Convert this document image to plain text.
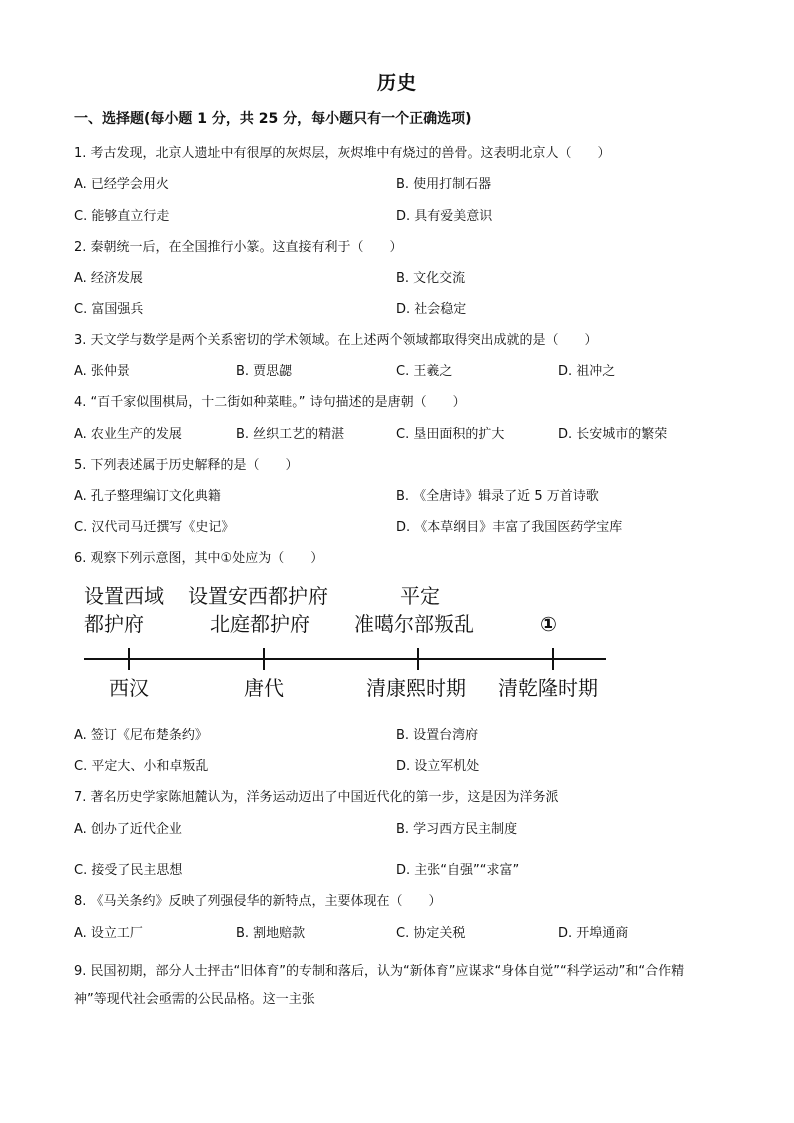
历史
一、选择题(每小题 1 分，共 25 分，每小题只有一个正确选项)
1. 考古发现，北京人遗址中有很厚的灰烬层，灰烬堆中有烧过的兽骨。这表明北京人（　　）
A. 已经学会用火	B. 使用打制石器
C. 能够直立行走	D. 具有爱美意识
2. 秦朝统一后，在全国推行小篆。这直接有利于（　　）
A. 经济发展	B. 文化交流
C. 富国强兵	D. 社会稳定
3. 天文学与数学是两个关系密切的学术领域。在上述两个领域都取得突出成就的是（　　）
A. 张仲景	B. 贾思勰	C. 王羲之	D. 祖冲之
4. “百千家似围棋局，十二街如种菜畦。” 诗句描述的是唐朝（　　）
A. 农业生产的发展	B. 丝织工艺的精湛	C. 垦田面积的扩大	D. 长安城市的繁荣
5. 下列表述属于历史解释的是（　　）
A. 孔子整理编订文化典籍	B. 《全唐诗》辑录了近 5 万首诗歌
C. 汉代司马迁撰写《史记》	D. 《本草纲目》丰富了我国医药学宝库
6. 观察下列示意图，其中①处应为（　　）
设置西域
都护府
西汉
设置安西都护府
北庭都护府
唐代
平定
准噶尔部叛乱
清康熙时期
①
清乾隆时期
A. 签订《尼布楚条约》	B. 设置台湾府
C. 平定大、小和卓叛乱	D. 设立军机处
7. 著名历史学家陈旭麓认为，洋务运动迈出了中国近代化的第一步，这是因为洋务派
A. 创办了近代企业	B. 学习西方民主制度
C. 接受了民主思想	D. 主张“自强”“求富”
8. 《马关条约》反映了列强侵华的新特点，主要体现在（　　）
A. 设立工厂	B. 割地赔款	C. 协定关税	D. 开埠通商
9. 民国初期，部分人士抨击“旧体育”的专制和落后，认为“新体育”应谋求“身体自觉”“科学运动”和“合作精神”等现代社会亟需的公民品格。这一主张
